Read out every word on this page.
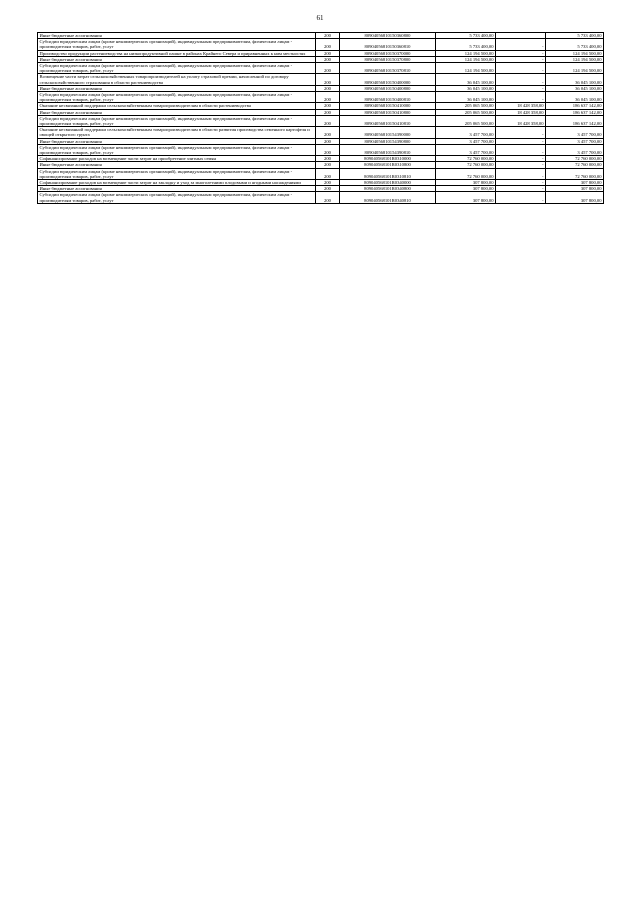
61
Иные бюджетные ассигнования	200	80904056810150360800	5 733 400,00		5 733 400,00
Субсидии юридическим лицам (кроме некоммерческих организаций), индивидуальным предпринимателям, физическим лицам - производителям товаров, работ, услуг	200	80904056810150360810	5 733 400,00	-	5 733 400,00
Производство продукции растениеводства на низкопродуктивной пашне в районах Крайнего Севера и приравненных к ним местностях	200	80904056810150370000	124 194 500,00	-	124 194 500,00
Иные бюджетные ассигнования	200	80904056810150370800	124 194 500,00	-	124 194 500,00
Субсидии юридическим лицам (кроме некоммерческих организаций), индивидуальным предпринимателям, физическим лицам - производителям товаров, работ, услуг	200	80904056810150370810	124 194 500,00	-	124 194 500,00
Возмещение части затрат сельскохозяйственных товаропроизводителей на уплату страховой премии, начисленной по договору сельскохозяйственного страхования в области растениеводства	200	80904056810150400000	36 045 100,00	-	36 045 100,00
Иные бюджетные ассигнования	200	80904056810150400800	36 045 100,00	-	36 045 100,00
Субсидии юридическим лицам (кроме некоммерческих организаций), индивидуальным предпринимателям, физическим лицам - производителям товаров, работ, услуг	200	80904056810150400810	36 045 100,00	-	36 045 100,00
Оказание несвязанной поддержки сельскохозяйственным товаропроизводителям в области растениеводства	200	80904056810150410000	205 065 500,00	18 428 358,00	186 637 142,00
Иные бюджетные ассигнования	200	80904056810150410800	205 065 500,00	18 428 358,00	186 637 142,00
Субсидии юридическим лицам (кроме некоммерческих организаций), индивидуальным предпринимателям, физическим лицам - производителям товаров, работ, услуг	200	80904056810150410810	205 065 500,00	18 428 358,00	186 637 142,00
Оказание несвязанной поддержки сельскохозяйственным товаропроизводителям в области развития производства семенного картофеля и овощей открытого грунта	200	80904056810154390000	3 457 700,00	-	3 457 700,00
Иные бюджетные ассигнования	200	80904056810154390800	3 457 700,00	-	3 457 700,00
Субсидии юридическим лицам (кроме некоммерческих организаций), индивидуальным предпринимателям, физическим лицам - производителям товаров, работ, услуг	200	80904056810154390810	3 457 700,00	-	3 457 700,00
Софинансирование расходов на возмещение части затрат на приобретение элитных семян	200	809040568101R0310000	72 760 000,00	-	72 760 000,00
Иные бюджетные ассигнования	200	809040568101R0310800	72 760 000,00	-	72 760 000,00
Субсидии юридическим лицам (кроме некоммерческих организаций), индивидуальным предпринимателям, физическим лицам - производителям товаров, работ, услуг	200	809040568101R0310810	72 760 000,00	-	72 760 000,00
Софинансирование расходов на возмещение части затрат на закладку и уход за многолетними плодовыми и ягодными насаждениями	200	809040568101R0340000	307 800,00	-	307 800,00
Иные бюджетные ассигнования	200	809040568101R0340800	307 800,00	-	307 800,00
Субсидии юридическим лицам (кроме некоммерческих организаций), индивидуальным предпринимателям, физическим лицам - производителям товаров, работ, услуг	200	809040568101R0340810	307 800,00	-	307 800,00
